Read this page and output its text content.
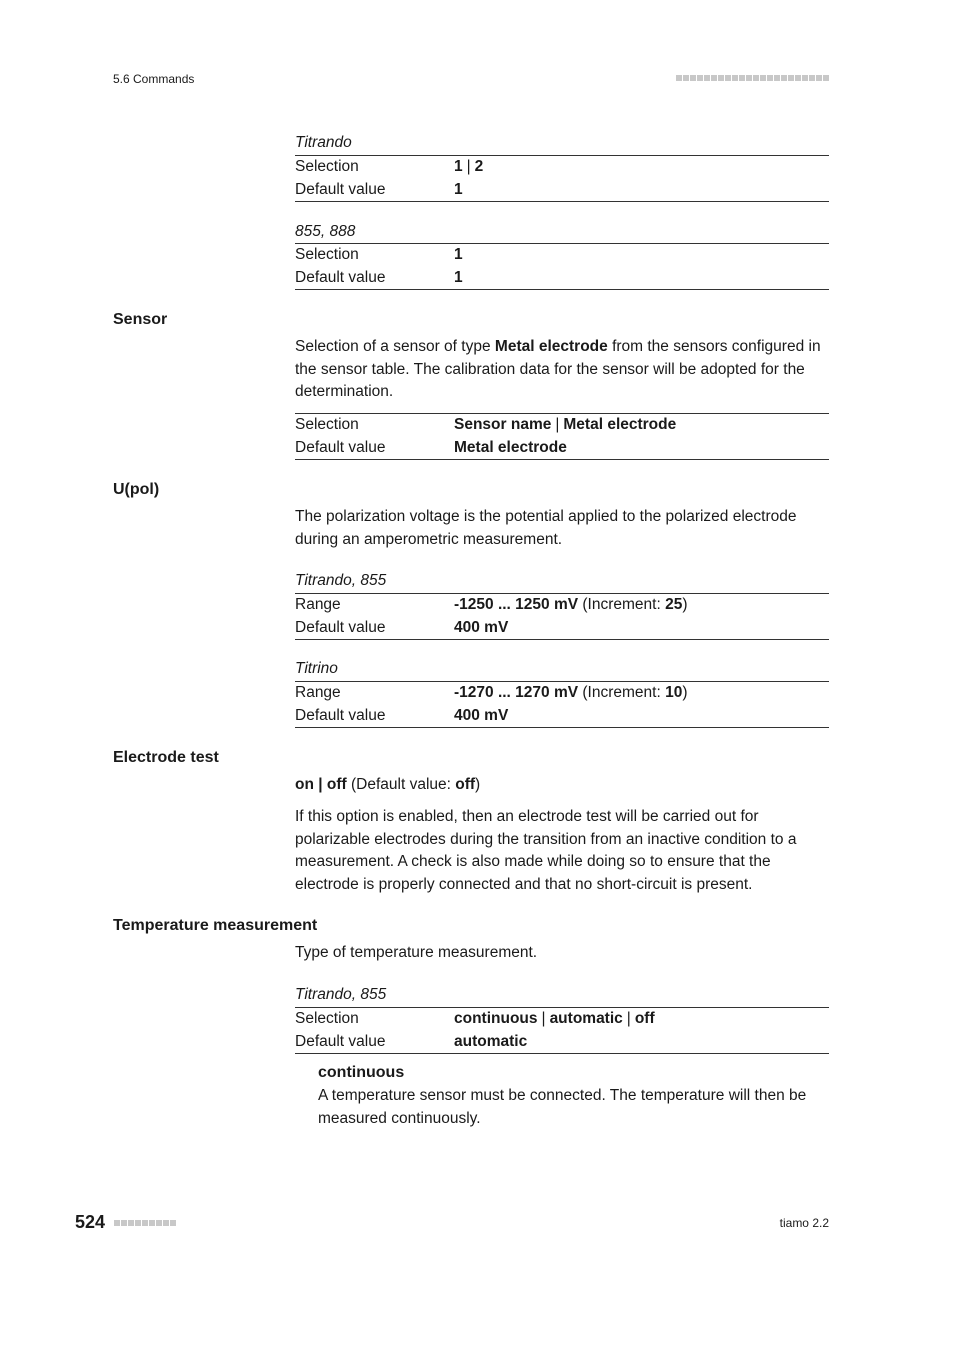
5.6 Commands
Titrando
Selection	1 | 2
Default value	1
855, 888
Selection	1
Default value	1
Sensor
Selection of a sensor of type Metal electrode from the sensors configured in the sensor table. The calibration data for the sensor will be adopted for the determination.
Selection	Sensor name | Metal electrode
Default value	Metal electrode
U(pol)
The polarization voltage is the potential applied to the polarized electrode during an amperometric measurement.
Titrando, 855
Range	-1250 ... 1250 mV (Increment: 25)
Default value	400 mV
Titrino
Range	-1270 ... 1270 mV (Increment: 10)
Default value	400 mV
Electrode test
on | off (Default value: off)
If this option is enabled, then an electrode test will be carried out for polarizable electrodes during the transition from an inactive condition to a measurement. A check is also made while doing so to ensure that the electrode is properly connected and that no short-circuit is present.
Temperature measurement
Type of temperature measurement.
Titrando, 855
Selection	continuous | automatic | off
Default value	automatic
continuous
A temperature sensor must be connected. The temperature will then be measured continuously.
524	tiamo 2.2
